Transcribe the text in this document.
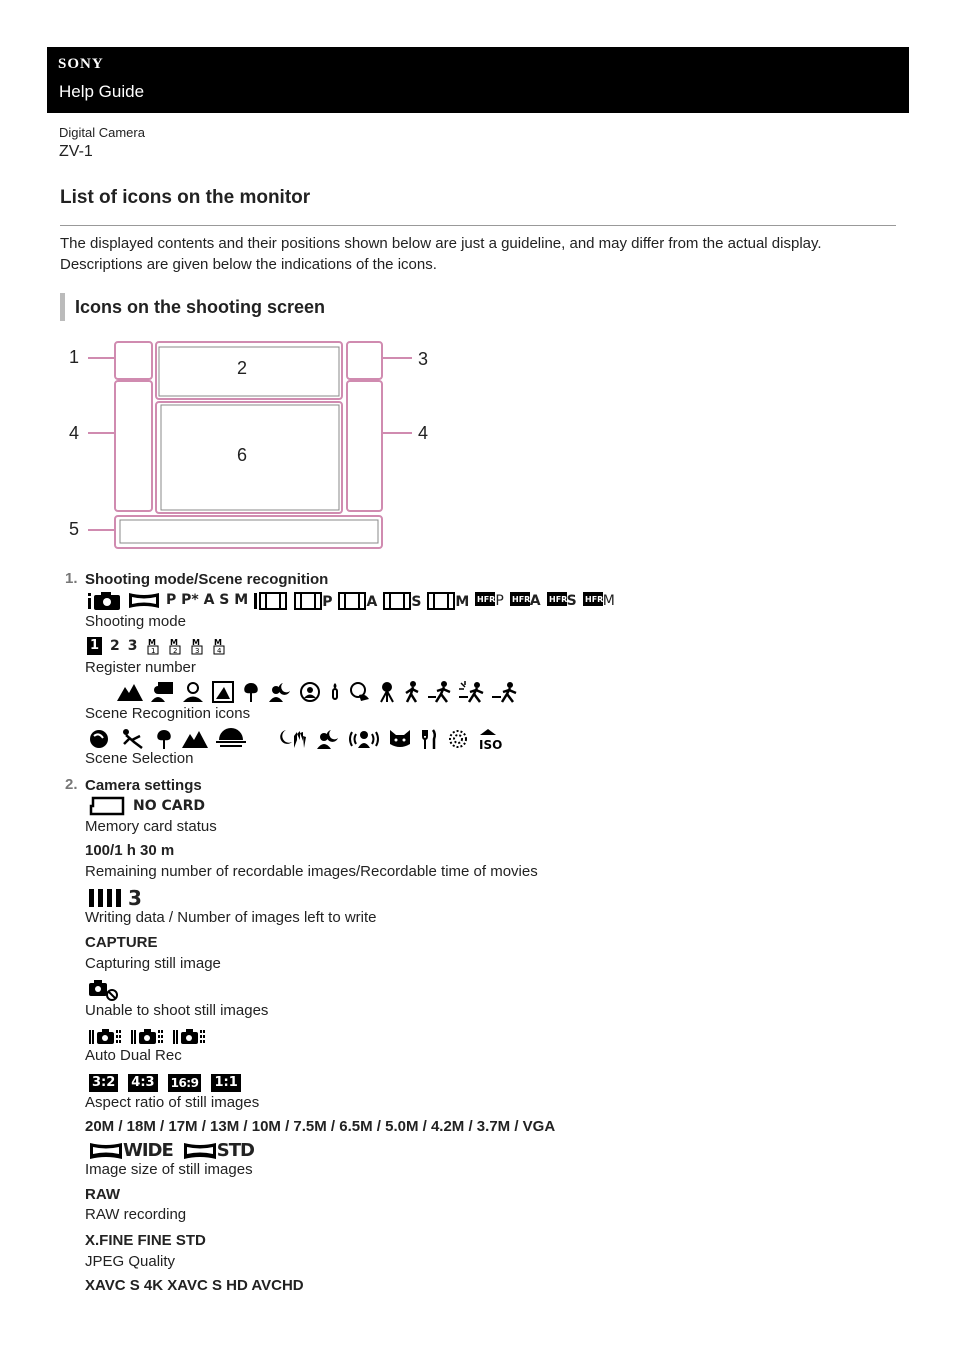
SONY
Help Guide
Digital Camera
ZV-1
List of icons on the monitor
The displayed contents and their positions shown below are just a guideline, and may differ from the actual display.
Descriptions are given below the indications of the icons.
Icons on the shooting screen
1
2	3
4	4
5
6
1. Shooting mode/Scene recognition
P P* A S M	P A S M HFR P HFR A HFR S HFR M
Shooting mode
1 2 3 M
1
M
2
M
3
M
4
Register number
Scene Recognition icons
ISO
Scene Selection
2. Camera settings
NO CARD
Memory card status
100/1 h 30 m
Remaining number of recordable images/Recordable time of movies
3
Writing data / Number of images left to write
CAPTURE
Capturing still image
Unable to shoot still images
Auto Dual Rec
3:2 4:3 16:9 1:1
Aspect ratio of still images
20M / 18M / 17M / 13M / 10M / 7.5M / 6.5M / 5.0M / 4.2M / 3.7M / VGA
WIDE STD
Image size of still images
RAW
RAW recording
X.FINE FINE STD
JPEG Quality
XAVC S 4K XAVC S HD AVCHD
